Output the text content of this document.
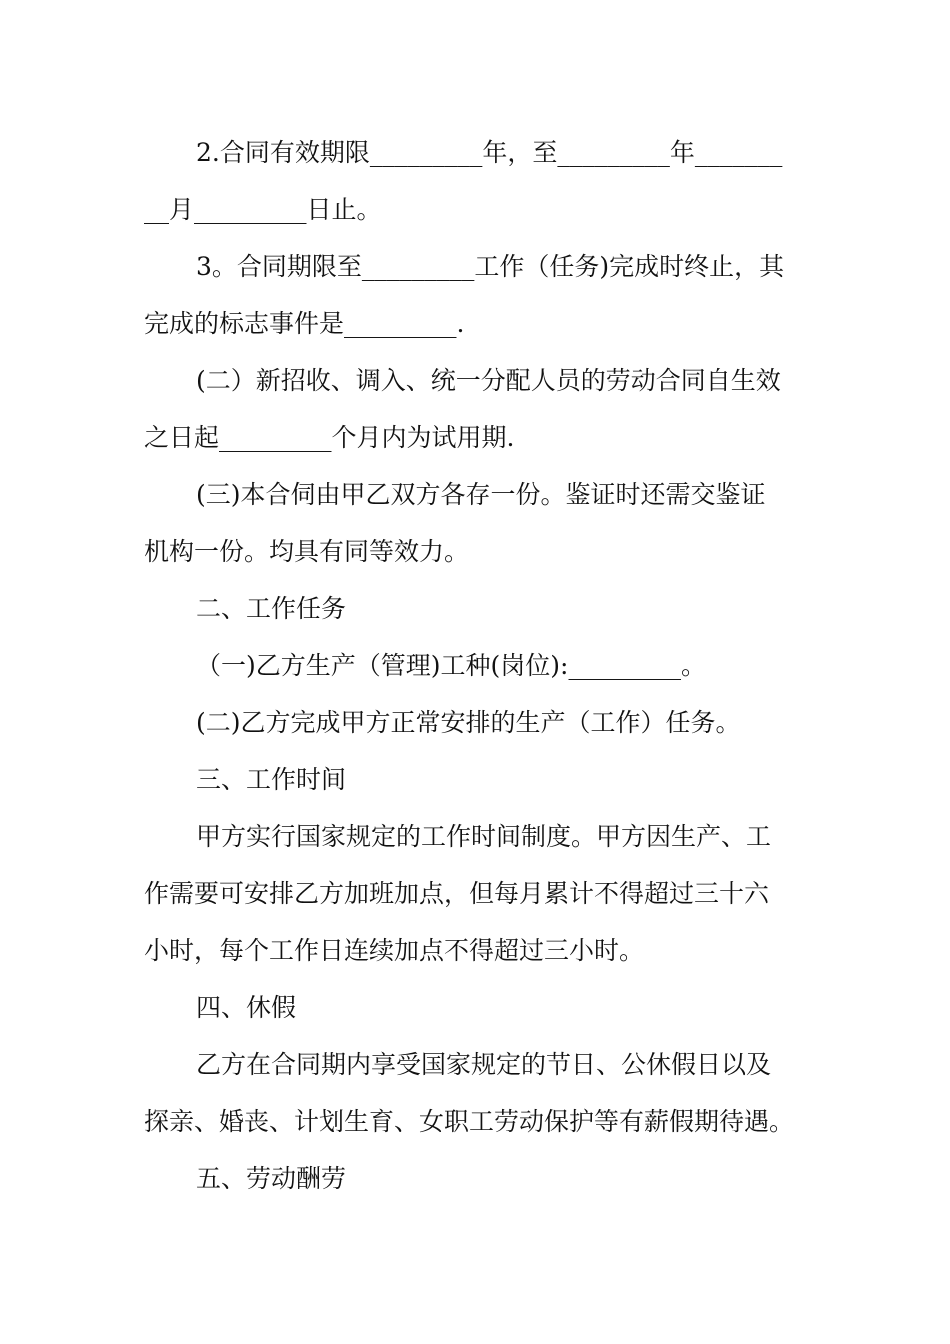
2.合同有效期限_________年，至_________年_______
__月_________日止。
3。合同期限至_________工作（任务)完成时终止，其
完成的标志事件是_________.
(二）新招收、调入、统一分配人员的劳动合同自生效
之日起_________个月内为试用期.
(三)本合伺由甲乙双方各存一份。鉴证时还需交鉴证
机构一份。均具有同等效力。
二、工作任务
（一)乙方生产（管理)工种(岗位):_________。
(二)乙方完成甲方正常安排的生产（工作）任务。
三、工作时间
甲方实行国家规定的工作时间制度。甲方因生产、工
作需要可安排乙方加班加点，但每月累计不得超过三十六
小时，每个工作日连续加点不得超过三小时。
四、休假
乙方在合同期内享受国家规定的节日、公休假日以及
探亲、婚丧、计划生育、女职工劳动保护等有薪假期待遇。
五、劳动酬劳
